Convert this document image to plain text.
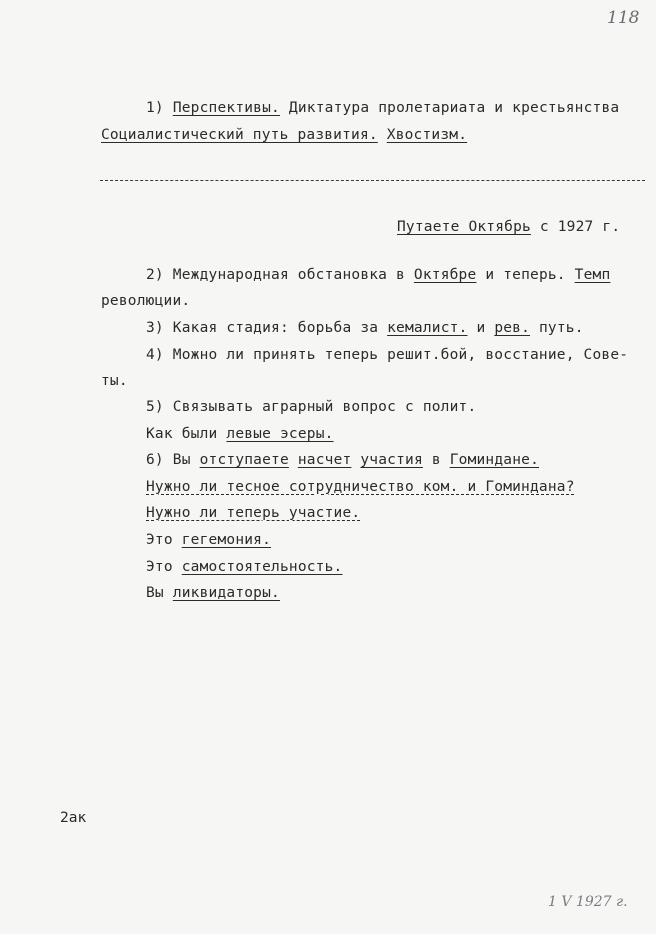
118
1) Перспективы. Диктатура пролетариата и крестьянства
Социалистический путь развития. Хвостизм.
Путаете Октябрь с 1927 г.
2) Международная обстановка в Октябре и теперь. Темп
революции.
3) Какая стадия: борьба за кемалист. и рев. путь.
4) Можно ли принять теперь решит.бой, восстание, Сове-
ты.
5) Связывать аграрный вопрос с полит.
Как были левые эсеры.
6) Вы отступаете насчет участия в Гоминдане.
Нужно ли тесное сотрудничество ком. и Гоминдана?
Нужно ли теперь участие.
Это гегемония.
Это самостоятельность.
Вы ликвидаторы.
2ак
1 V 1927 г.
